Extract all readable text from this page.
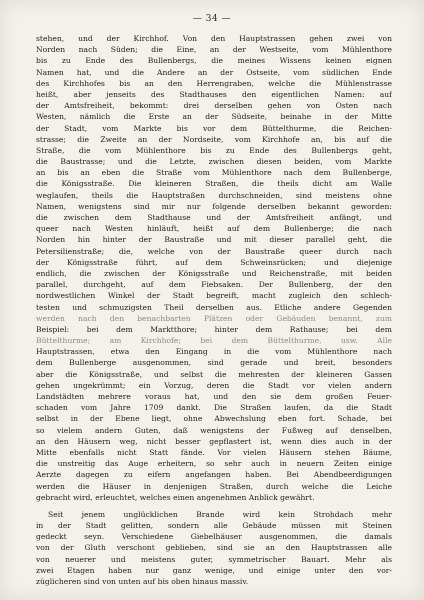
— 34 —
stehen, und der Kirchhof. Von den Hauptstrassen gehen zwei von
Norden nach Süden; die Eine, an der Westseite, vom Mühlenthore
bis zu Ende des Bullenbergs, die meines Wissens keinen eignen
Namen hat, und die Andere an der Ostseite, vom südlichen Ende
des Kirchhofes bis an den Herrengraben, welche die Mühlenstrasse
heißt, aber jenseits des Stadthauses den eigentlichen Namen: auf
der Amtsfreiheit, bekommt: drei derselben gehen von Osten nach
Westen, nämlich die Erste an der Südseite, beinahe in der Mitte
der Stadt, vom Markte bis vor dem Büttelthurme, die Reichen-
strasse; die Zweite an der Nordseite, vom Kirchhofe an, bis auf die
Straße, die vom Mühlenthore bis zu Ende des Bullenbergs geht,
die Baustrasse; und die Letzte, zwischen diesen beiden, vom Markte
an bis an eben die Straße vom Mühlenthore nach dem Bullenberge,
die Königsstraße. Die kleineren Straßen, die theils dicht am Walle
weglaufen, theils die Hauptstraßen durchschneiden, sind meistens ohne
Namen, wenigstens sind mir nur folgende derselben bekannt geworden:
die zwischen dem Stadthause und der Amtsfreiheit anfängt, und
queer nach Westen hinläuft, heißt auf dem Bullenberge; die nach
Norden hin hinter der Baustraße und mit dieser parallel geht, die
Petersilienstraße; die, welche von der Baustraße queer durch nach
der Königsstraße führt, auf dem Schweinsrücken; und diejenige
endlich, die zwischen der Königsstraße und Reichenstraße, mit beiden
parallel, durchgeht, auf dem Fiebsaken. Der Bullenberg, der den
nordwestlichen Winkel der Stadt begreift, macht zugleich den schlech-
testen und schmuzigsten Theil derselben aus. Etliche andere Gegenden
werden nach den benachbarten Plätzen oder Gebäuden benannt, zum
Beispiel: bei dem Marktthore; hinter dem Rathause; bei dem
Büttelthurme; am Kirchhofe; bei dem Büttelthurme, usw. Alle
Hauptstrassen, etwa den Eingang in die vom Mühlenthore nach
dem Bullenberge ausgenommen, sind gerade und breit, besonders
aber die Königsstraße, und selbst die mehresten der kleineren Gassen
gehen ungekrümmt; ein Vorzug, deren die Stadt vor vielen andern
Landstädten mehrere voraus hat, und den sie dem großen Feuer-
schaden vom Jahre 1709 dankt. Die Straßen laufen, da die Stadt
selbst in der Ebene liegt, ohne Abwechslung eben fort. Schade, bei
so vielem andern Guten, daß wenigstens der Fußweg auf denselben,
an den Häusern weg, nicht besser gepflastert ist, wenn dies auch in der
Mitte ebenfalls nicht Statt fände. Vor vielen Häusern stehen Bäume,
die unstreitig das Auge erheitern, so sehr auch in neuern Zeiten einige
Aerzte dagegen zu eifern angefangen haben. Bei Abendbeerdigungen
werden die Häuser in denjenigen Straßen, durch welche die Leiche
gebracht wird, erleuchtet, welches einen angenehmen Anblick gewährt.
Seit jenem unglücklichen Brande wird kein Strohdach mehr
in der Stadt gelitten, sondern alle Gebäude müssen mit Steinen
gedeckt seyn. Verschiedene Giebelhäuser ausgenommen, die damals
von der Gluth verschont geblieben, sind sie an den Hauptstrassen alle
von neuerer und meistens guter, symmetrischer Bauart. Mehr als
zwei Etagen haben nur ganz wenige, und einige unter den vor-
züglicheren sind von unten auf bis oben hinaus massiv.
